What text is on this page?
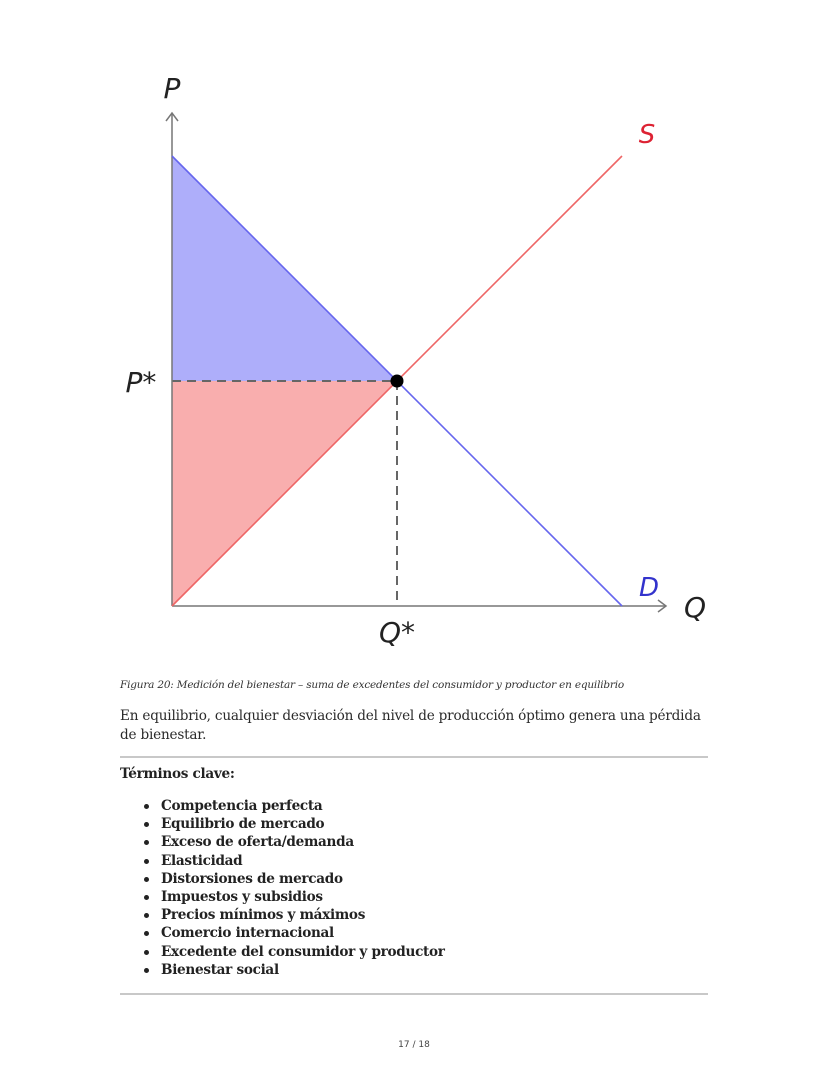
P
Q
S
D
P*
Q*
Figura 20: Medición del bienestar – suma de excedentes del consumidor y productor en equilibrio
En equilibrio, cualquier desviación del nivel de producción óptimo genera una pérdida de bienestar.
Términos clave:
Competencia perfecta
Equilibrio de mercado
Exceso de oferta/demanda
Elasticidad
Distorsiones de mercado
Impuestos y subsidios
Precios mínimos y máximos
Comercio internacional
Excedente del consumidor y productor
Bienestar social
17 / 18
